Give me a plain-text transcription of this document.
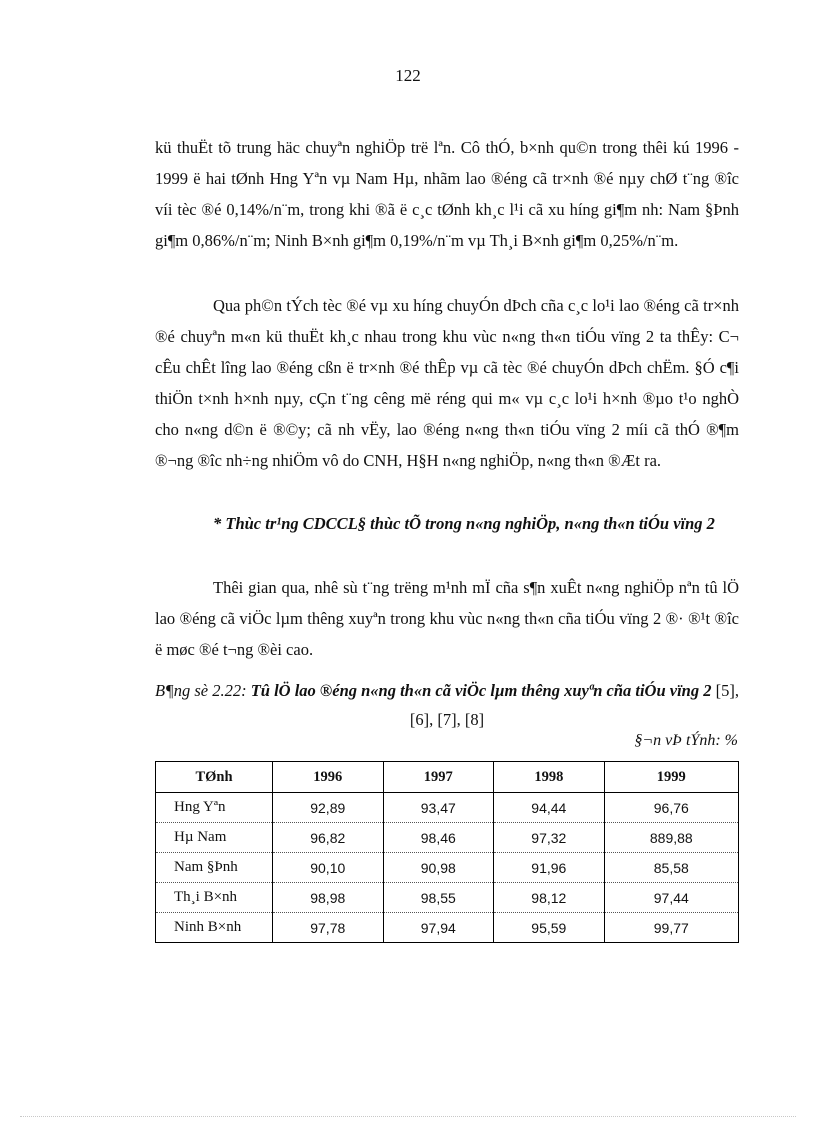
122

kü thuËt tõ trung häc chuyªn nghiÖp trë lªn. Cô thÓ, b×nh qu©n trong thêi kú 1996 - 1999 ë hai tØnh Hng Yªn vµ Nam Hµ, nhãm lao ®éng cã tr×nh ®é nµy chØ t¨ng ®îc víi tèc ®é 0,14%/n¨m, trong khi ®ã ë c¸c tØnh kh¸c l¹i cã xu híng gi¶m nh: Nam §Þnh gi¶m 0,86%/n¨m; Ninh B×nh gi¶m 0,19%/n¨m vµ Th¸i B×nh gi¶m 0,25%/n¨m.

Qua ph©n tÝch tèc ®é vµ xu híng chuyÓn dÞch cña c¸c lo¹i lao ®éng cã tr×nh ®é chuyªn m«n kü thuËt kh¸c nhau trong khu vùc n«ng th«n tiÓu vïng 2 ta thÊy: C¬ cÊu chÊt lîng lao ®éng cßn ë tr×nh ®é thÊp vµ cã tèc ®é chuyÓn dÞch chËm. §Ó c¶i thiÖn t×nh h×nh nµy, cÇn t¨ng cêng më réng qui m« vµ c¸c lo¹i h×nh ®µo t¹o nghÒ cho n«ng d©n ë ®©y; cã nh vËy, lao ®éng n«ng th«n tiÓu vïng 2 míi cã thÓ ®¶m ®¬ng ®îc nh÷ng nhiÖm vô do CNH, H§H n«ng nghiÖp, n«ng th«n ®Æt ra.

* Thùc tr¹ng CDCCL§ thùc tÕ trong n«ng nghiÖp, n«ng th«n tiÓu vïng 2

Thêi gian qua, nhê sù t¨ng trëng m¹nh mÏ cña s¶n xuÊt n«ng nghiÖp nªn tû lÖ lao ®éng cã viÖc lµm thêng xuyªn trong khu vùc n«ng th«n cña tiÓu vïng 2 ®· ®¹t ®îc ë møc ®é t¬ng ®èi cao.

B¶ng sè 2.22: Tû lÖ lao ®éng n«ng th«n cã viÖc lµm thêng xuyªn cña tiÓu vïng 2 [5], [6], [7], [8]
§¬n vÞ tÝnh: %
TØnh	1996	1997	1998	1999
Hng Yªn	92,89	93,47	94,44	96,76
Hµ Nam	96,82	98,46	97,32	889,88
Nam §Þnh	90,10	90,98	91,96	85,58
Th¸i B×nh	98,98	98,55	98,12	97,44
Ninh B×nh	97,78	97,94	95,59	99,77
